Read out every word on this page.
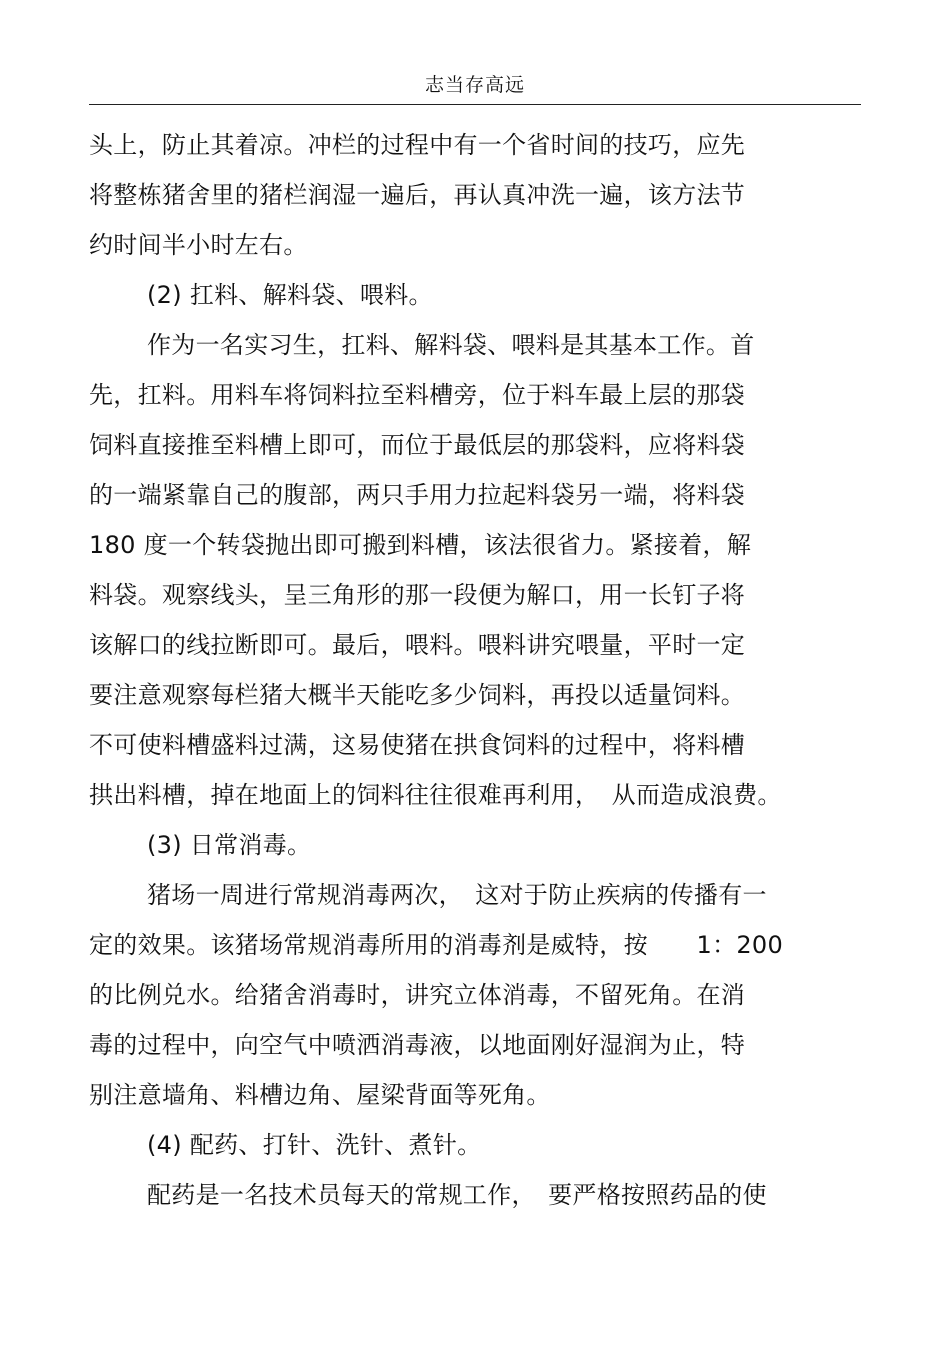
志当存高远
头上，防止其着凉。冲栏的过程中有一个省时间的技巧，应先
将整栋猪舍里的猪栏润湿一遍后，再认真冲洗一遍，该方法节
约时间半小时左右。
(2) 扛料、解料袋、喂料。
作为一名实习生，扛料、解料袋、喂料是其基本工作。首
先，扛料。用料车将饲料拉至料槽旁，位于料车最上层的那袋
饲料直接推至料槽上即可，而位于最低层的那袋料，应将料袋
的一端紧靠自己的腹部，两只手用力拉起料袋另一端，将料袋
180 度一个转袋抛出即可搬到料槽，该法很省力。紧接着，解
料袋。观察线头，呈三角形的那一段便为解口，用一长钉子将
该解口的线拉断即可。最后，喂料。喂料讲究喂量，平时一定
要注意观察每栏猪大概半天能吃多少饲料，再投以适量饲料。
不可使料槽盛料过满，这易使猪在拱食饲料的过程中，将料槽
拱出料槽，掉在地面上的饲料往往很难再利用，　从而造成浪费。
(3) 日常消毒。
猪场一周进行常规消毒两次，　这对于防止疾病的传播有一
定的效果。该猪场常规消毒所用的消毒剂是威特，按　　1：200
的比例兑水。给猪舍消毒时，讲究立体消毒，不留死角。在消
毒的过程中，向空气中喷洒消毒液，以地面刚好湿润为止，特
别注意墙角、料槽边角、屋梁背面等死角。
(4) 配药、打针、洗针、煮针。
配药是一名技术员每天的常规工作，　要严格按照药品的使
